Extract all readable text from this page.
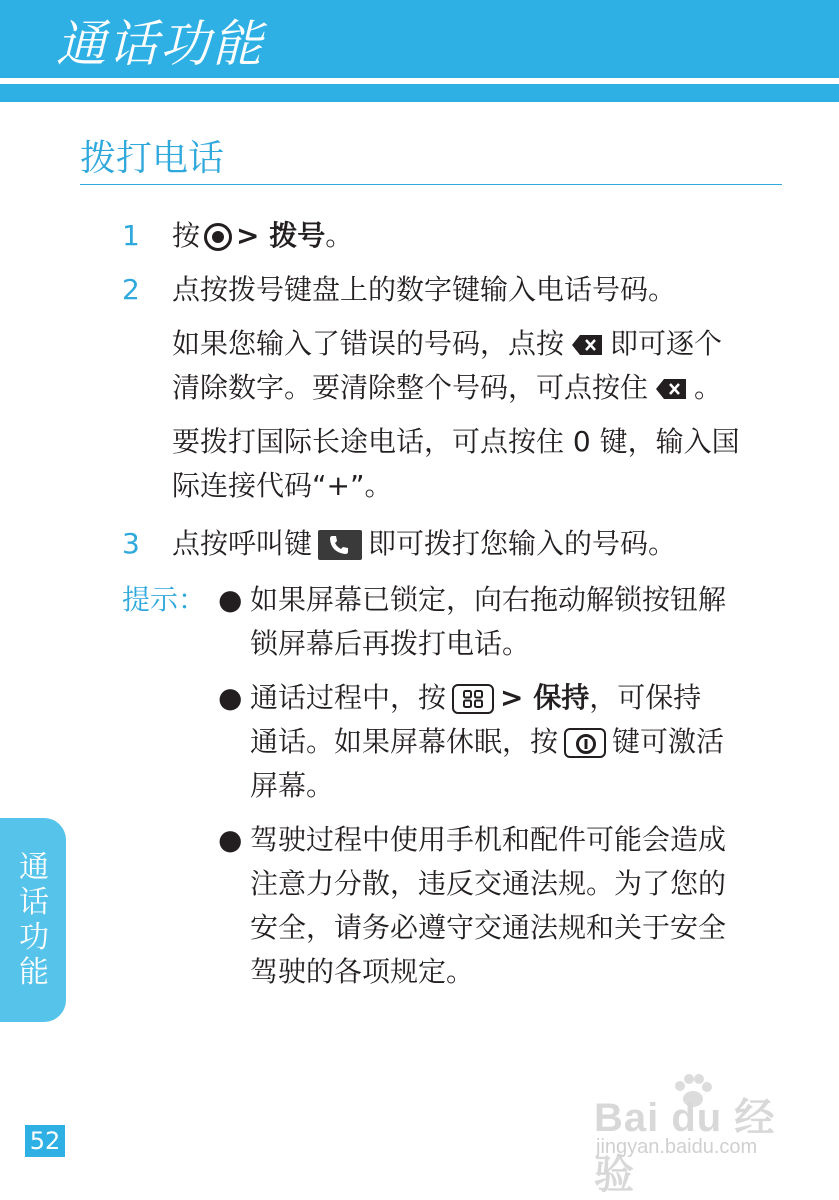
通话功能
拨打电话
1 按 > 拨号。
2 点按拨号键盘上的数字键输入电话号码。
如果您输入了错误的号码，点按 即可逐个
清除数字。要清除整个号码，可点按住 。
要拨打国际长途电话，可点按住 0 键，输入国
际连接代码“+”。
3 点按呼叫键 即可拨打您输入的号码。
提示： ● 如果屏幕已锁定，向右拖动解锁按钮解
锁屏幕后再拨打电话。
● 通话过程中，按 > 保持，可保持
通话。如果屏幕休眠，按 键可激活
屏幕。
● 驾驶过程中使用手机和配件可能会造成
注意力分散，违反交通法规。为了您的
安全，请务必遵守交通法规和关于安全
驾驶的各项规定。
通
话
功
能
52
Bai du 经验
jingyan.baidu.com
